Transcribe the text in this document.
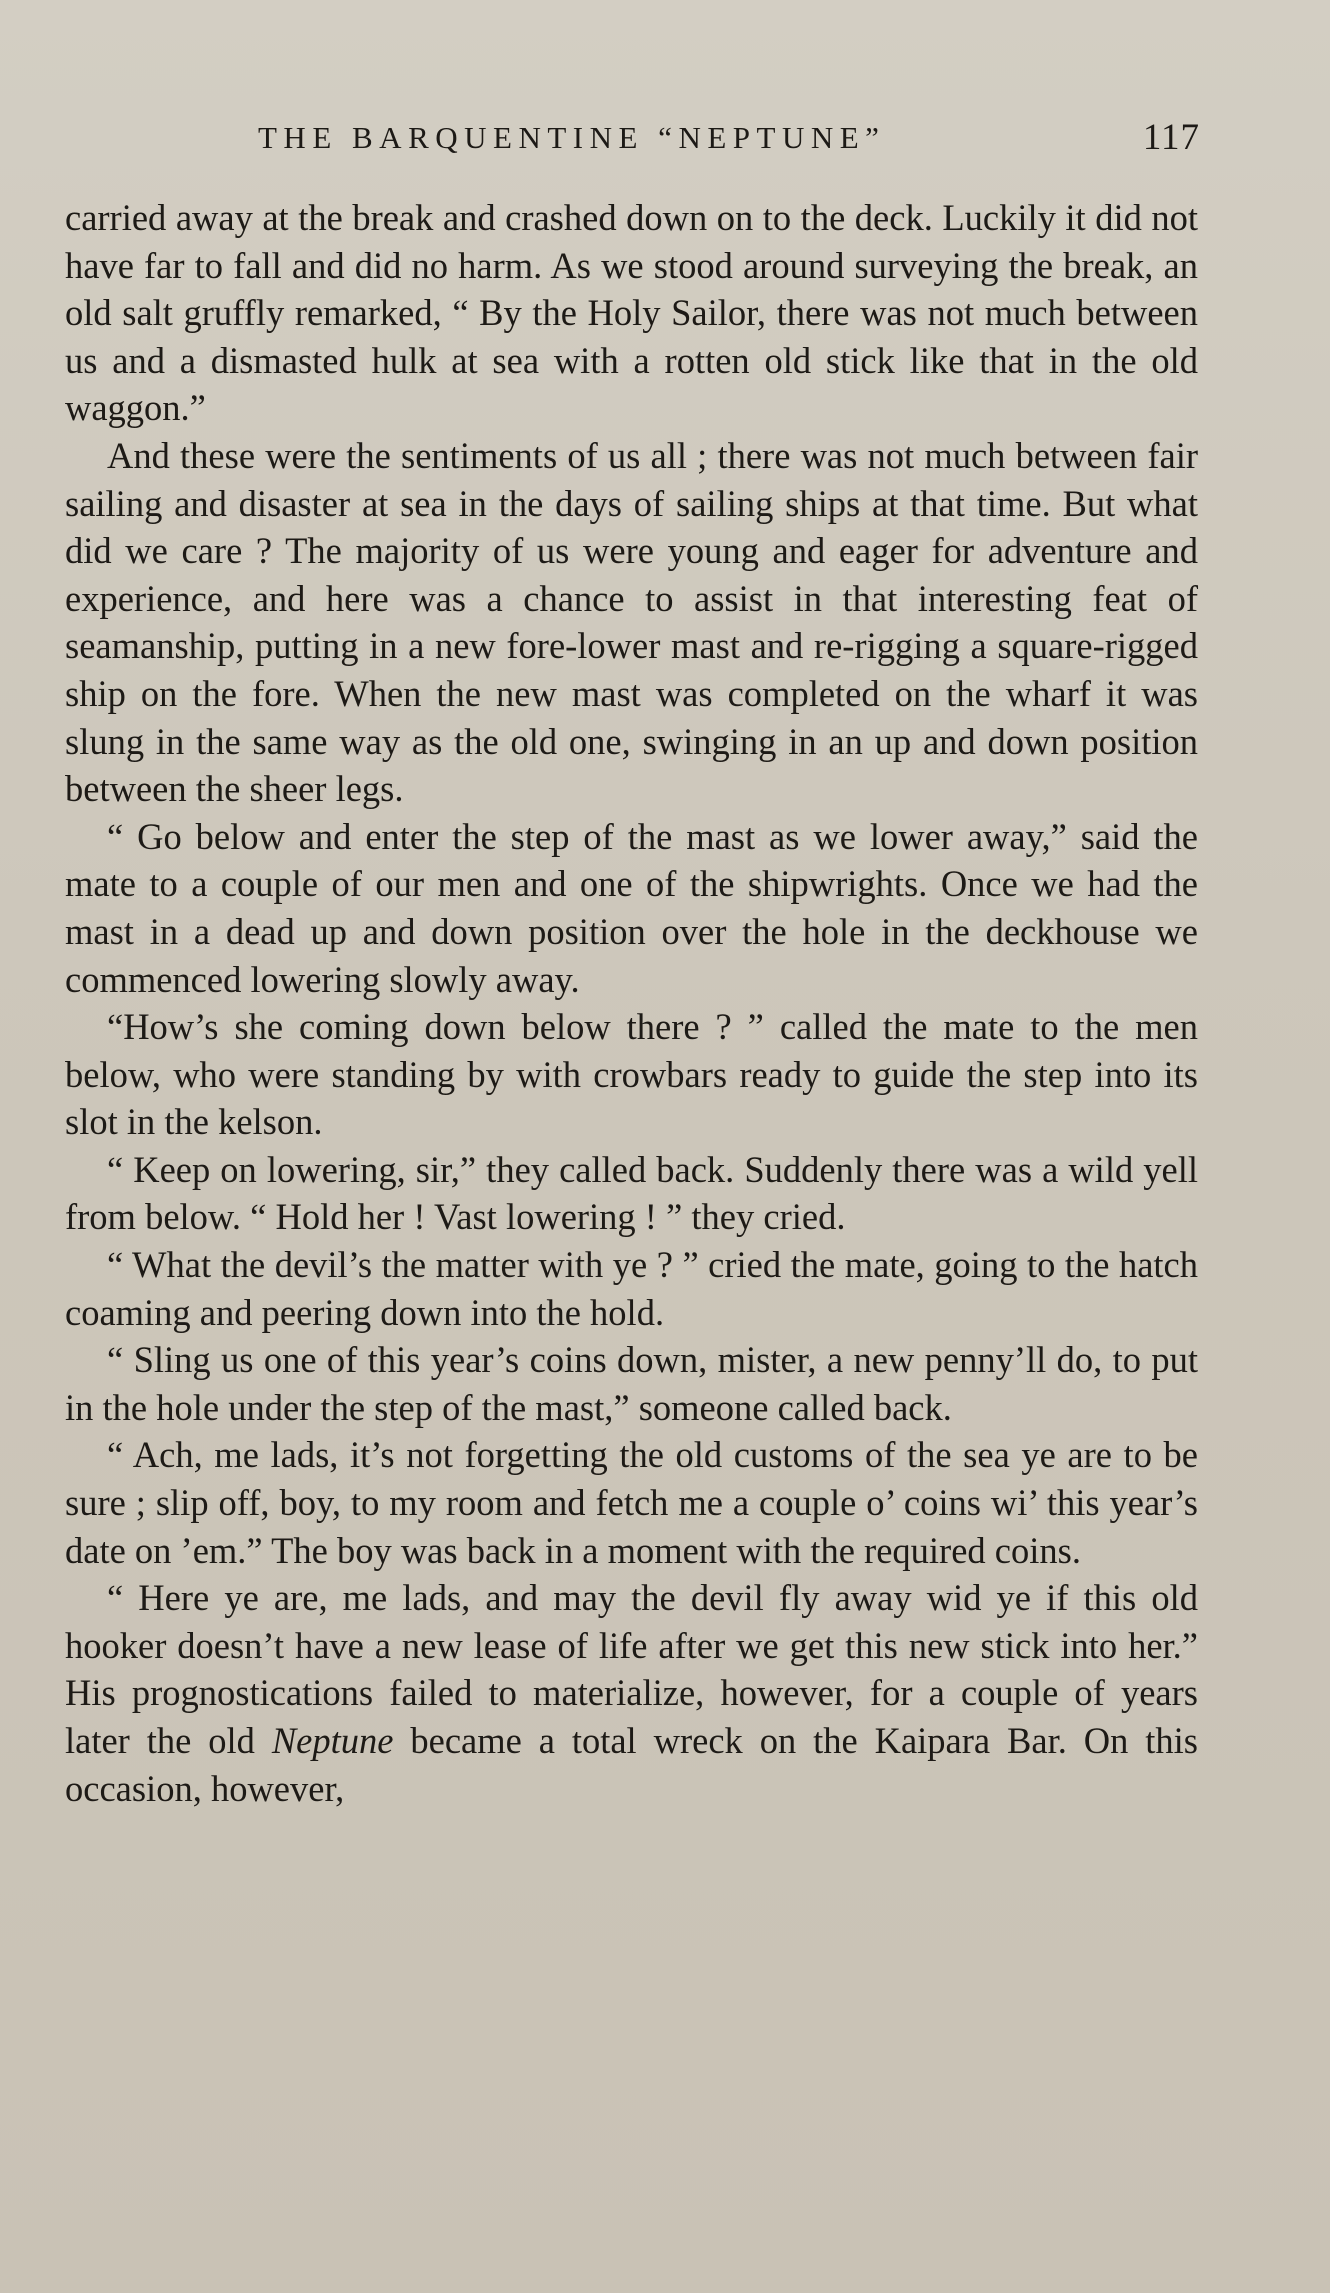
THE BARQUENTINE “NEPTUNE”	117

carried away at the break and crashed down on to the deck. Luckily it did not have far to fall and did no harm. As we stood around surveying the break, an old salt gruffly remarked, “ By the Holy Sailor, there was not much between us and a dismasted hulk at sea with a rotten old stick like that in the old waggon.”

And these were the sentiments of us all ; there was not much between fair sailing and disaster at sea in the days of sailing ships at that time. But what did we care ? The majority of us were young and eager for adventure and experience, and here was a chance to assist in that interesting feat of seamanship, putting in a new fore-lower mast and re-rigging a square-rigged ship on the fore. When the new mast was completed on the wharf it was slung in the same way as the old one, swinging in an up and down position between the sheer legs.

“ Go below and enter the step of the mast as we lower away,” said the mate to a couple of our men and one of the shipwrights. Once we had the mast in a dead up and down position over the hole in the deckhouse we commenced lowering slowly away.

“How’s she coming down below there ? ” called the mate to the men below, who were standing by with crowbars ready to guide the step into its slot in the kelson.

“ Keep on lowering, sir,” they called back. Suddenly there was a wild yell from below. “ Hold her ! Vast lowering ! ” they cried.

“ What the devil’s the matter with ye ? ” cried the mate, going to the hatch coaming and peering down into the hold.

“ Sling us one of this year’s coins down, mister, a new penny’ll do, to put in the hole under the step of the mast,” someone called back.

“ Ach, me lads, it’s not forgetting the old customs of the sea ye are to be sure ; slip off, boy, to my room and fetch me a couple o’ coins wi’ this year’s date on ’em.” The boy was back in a moment with the required coins.

“ Here ye are, me lads, and may the devil fly away wid ye if this old hooker doesn’t have a new lease of life after we get this new stick into her.” His prognostications failed to materialize, however, for a couple of years later the old Neptune became a total wreck on the Kaipara Bar. On this occasion, however,
